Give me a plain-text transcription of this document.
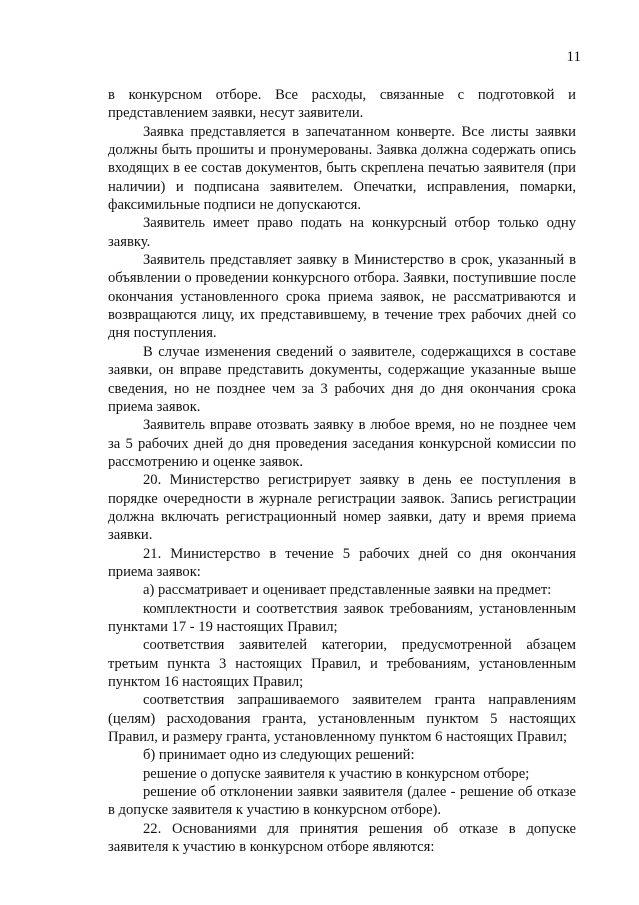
11

в конкурсном отборе. Все расходы, связанные с подготовкой и представлением заявки, несут заявители.

Заявка представляется в запечатанном конверте. Все листы заявки должны быть прошиты и пронумерованы. Заявка должна содержать опись входящих в ее состав документов, быть скреплена печатью заявителя (при наличии) и подписана заявителем. Опечатки, исправления, помарки, факсимильные подписи не допускаются.

Заявитель имеет право подать на конкурсный отбор только одну заявку.

Заявитель представляет заявку в Министерство в срок, указанный в объявлении о проведении конкурсного отбора. Заявки, поступившие после окончания установленного срока приема заявок, не рассматриваются и возвращаются лицу, их представившему, в течение трех рабочих дней со дня поступления.

В случае изменения сведений о заявителе, содержащихся в составе заявки, он вправе представить документы, содержащие указанные выше сведения, но не позднее чем за 3 рабочих дня до дня окончания срока приема заявок.

Заявитель вправе отозвать заявку в любое время, но не позднее чем за 5 рабочих дней до дня проведения заседания конкурсной комиссии по рассмотрению и оценке заявок.

20. Министерство регистрирует заявку в день ее поступления в порядке очередности в журнале регистрации заявок. Запись регистрации должна включать регистрационный номер заявки, дату и время приема заявки.

21. Министерство в течение 5 рабочих дней со дня окончания приема заявок:

а) рассматривает и оценивает представленные заявки на предмет:

комплектности и соответствия заявок требованиям, установленным пунктами 17 - 19 настоящих Правил;

соответствия заявителей категории, предусмотренной абзацем третьим пункта 3 настоящих Правил, и требованиям, установленным пунктом 16 настоящих Правил;

соответствия запрашиваемого заявителем гранта направлениям (целям) расходования гранта, установленным пунктом 5 настоящих Правил, и размеру гранта, установленному пунктом 6 настоящих Правил;

б) принимает одно из следующих решений:

решение о допуске заявителя к участию в конкурсном отборе;

решение об отклонении заявки заявителя (далее - решение об отказе в допуске заявителя к участию в конкурсном отборе).

22. Основаниями для принятия решения об отказе в допуске заявителя к участию в конкурсном отборе являются:
